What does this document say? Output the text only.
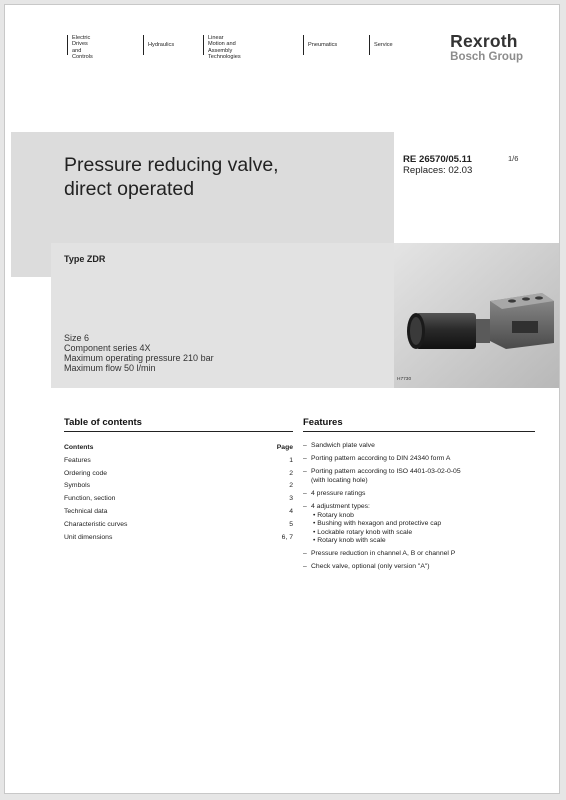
Electric Drives
and Controls
Hydraulics
Linear Motion and
Assembly Technologies
Pneumatics	Service	Rexroth
Bosch Group
Pressure reducing valve,
direct operated
RE 26570/05.11
Replaces: 02.03
1/6
Type ZDR
Size 6
Component series 4X
Maximum operating pressure 210 bar
Maximum flow 50 l/min
H7730
Table of contents	Features
Contents	Page
Features	1
Ordering code	2
Symbols	2
Function, section	3
Technical data	4
Characteristic curves	5
Unit dimensions	6, 7
– Sandwich plate valve
– Porting pattern according to DIN 24340 form A
– Porting pattern according to ISO 4401-03-02-0-05
(with locating hole)
– 4 pressure ratings
– 4 adjustment types:
• Rotary knob
• Bushing with hexagon and protective cap
• Lockable rotary knob with scale
• Rotary knob with scale
– Pressure reduction in channel A, B or channel P
– Check valve, optional (only version "A")
